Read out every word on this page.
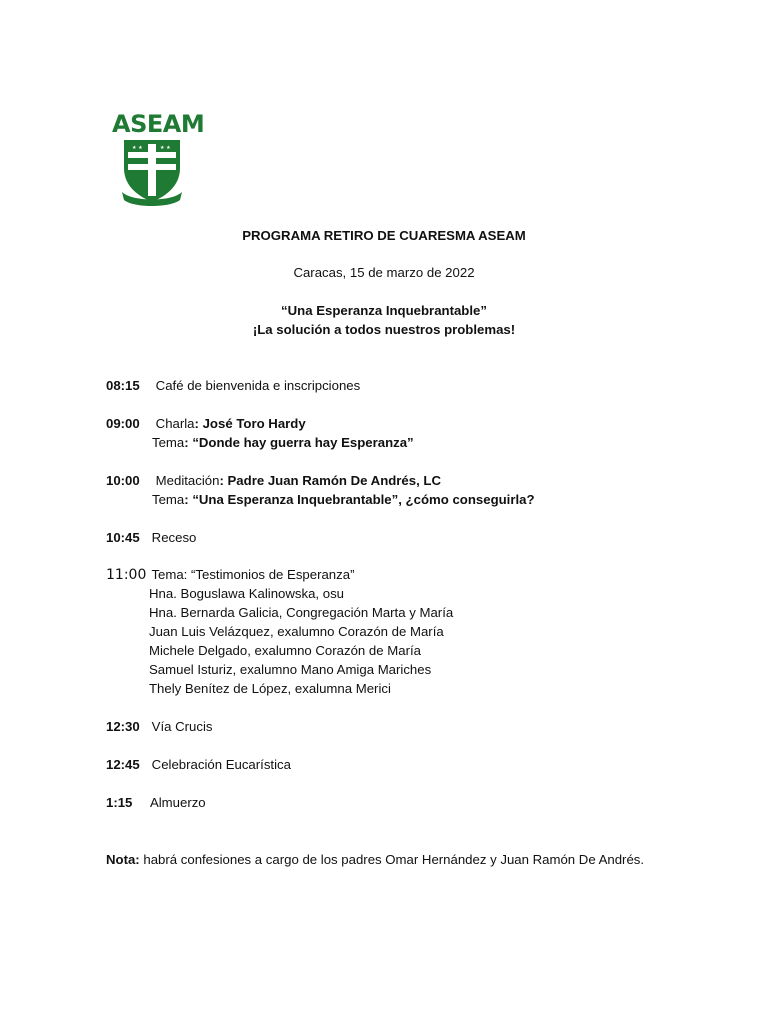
ASEAM
★ ★	★ ★
PROGRAMA RETIRO DE CUARESMA ASEAM
Caracas, 15 de marzo de 2022
“Una Esperanza Inquebrantable”
¡La solución a todos nuestros problemas!
08:15 Café de bienvenida e inscripciones
09:00 Charla: José Toro Hardy
Tema: “Donde hay guerra hay Esperanza”
10:00 Meditación: Padre Juan Ramón De Andrés, LC
Tema: “Una Esperanza Inquebrantable”, ¿cómo conseguirla?
10:45 Receso
11:00 Tema: “Testimonios de Esperanza”
Hna. Boguslawa Kalinowska, osu
Hna. Bernarda Galicia, Congregación Marta y María
Juan Luis Velázquez, exalumno Corazón de María
Michele Delgado, exalumno Corazón de María
Samuel Isturiz, exalumno Mano Amiga Mariches
Thely Benítez de López, exalumna Merici
12:30 Vía Crucis
12:45 Celebración Eucarística
1:15 Almuerzo
Nota: habrá confesiones a cargo de los padres Omar Hernández y Juan Ramón De Andrés.
